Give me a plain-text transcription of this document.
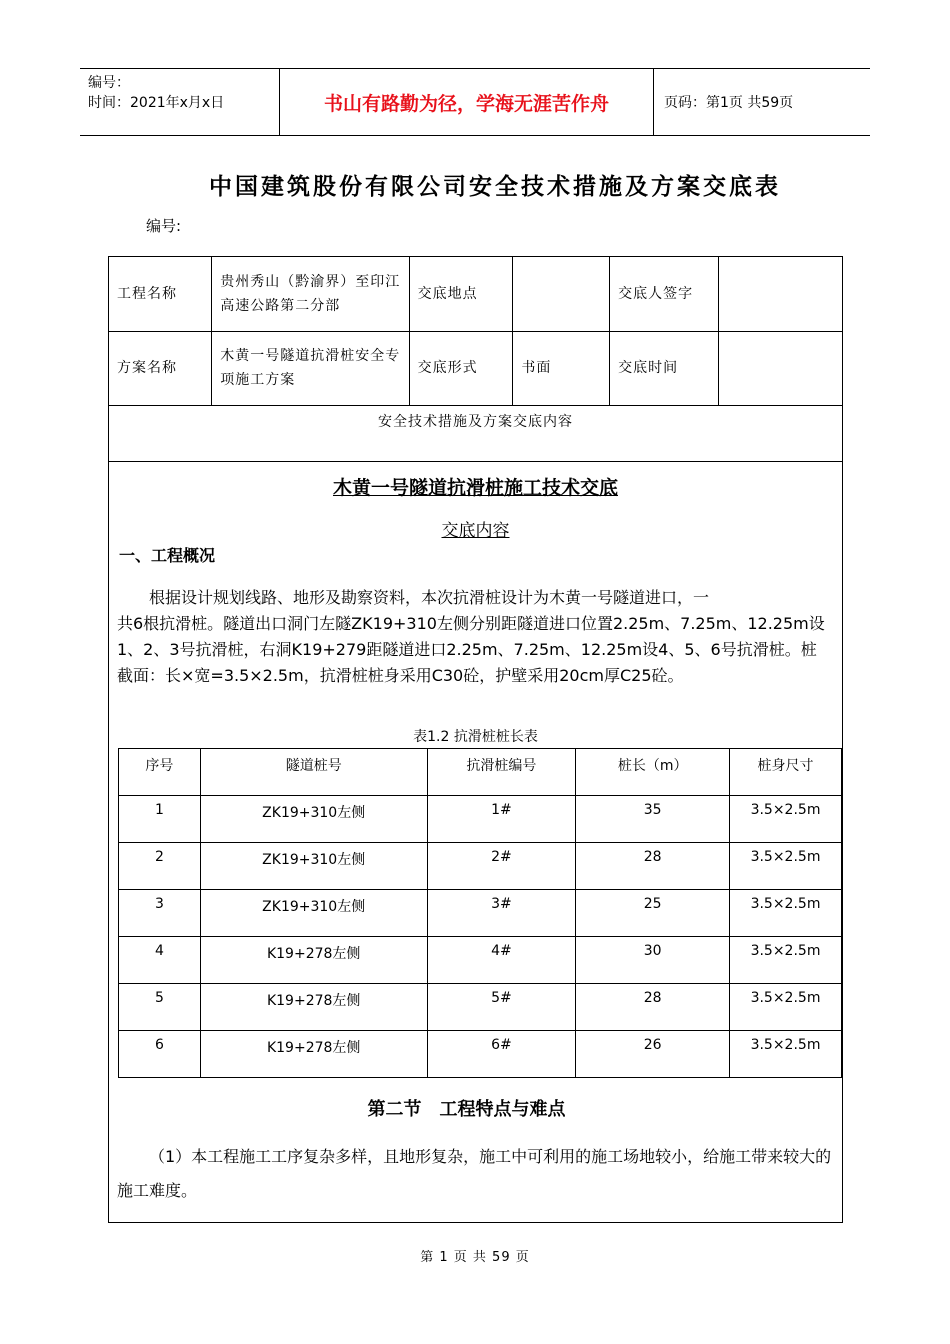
编号：
时间：2021年x月x日	书山有路勤为径，学海无涯苦作舟	页码：第1页 共59页
中国建筑股份有限公司安全技术措施及方案交底表
编号:
工程名称	贵州秀山（黔渝界）至印江高速公路第二分部	交底地点		交底人签字	
方案名称	木黄一号隧道抗滑桩安全专项施工方案	交底形式	书面	交底时间	
安全技术措施及方案交底内容					
木黄一号隧道抗滑桩施工技术交底
交底内容
一、工程概况

根据设计规划线路、地形及勘察资料，本次抗滑桩设计为木黄一号隧道进口，一

共6根抗滑桩。隧道出口洞门左隧ZK19+310左侧分别距隧道进口位置2.25m、7.25m、12.25m设1、2、3号抗滑桩，右洞K19+279距隧道进口2.25m、7.25m、12.25m设4、5、6号抗滑桩。桩截面：长×宽=3.5×2.5m，抗滑桩桩身采用C30砼，护壁采用20cm厚C25砼。
表1.2 抗滑桩桩长表
序号	隧道桩号	抗滑桩编号	桩长（m）	桩身尺寸
1	ZK19+310左侧	1#	35	3.5×2.5m
2	ZK19+310左侧	2#	28	3.5×2.5m
3	ZK19+310左侧	3#	25	3.5×2.5m
4	K19+278左侧	4#	30	3.5×2.5m
5	K19+278左侧	5#	28	3.5×2.5m
6	K19+278左侧	6#	26	3.5×2.5m
第二节 工程特点与难点

（1）本工程施工工序复杂多样，且地形复杂，施工中可利用的施工场地较小，给施工带来较大的施工难度。

第 1 页 共 59 页
